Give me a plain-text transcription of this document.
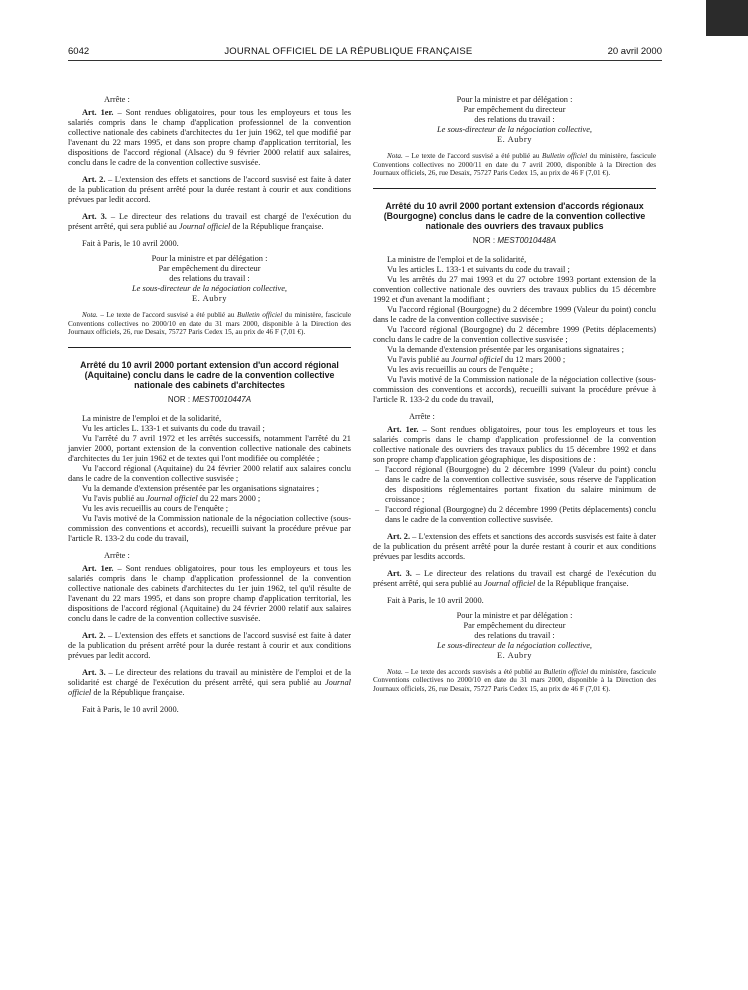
6042	JOURNAL OFFICIEL DE LA RÉPUBLIQUE FRANÇAISE	20 avril 2000

Arrête :

Art. 1er. – Sont rendues obligatoires, pour tous les employeurs et tous les salariés compris dans le champ d'application professionnel de la convention collective nationale des cabinets d'architectes du 1er juin 1962, tel que modifié par l'avenant du 22 mars 1995, et dans son propre champ d'application territorial, les dispositions de l'accord régional (Alsace) du 9 février 2000 relatif aux salaires, conclu dans le cadre de la convention collective susvisée.

Art. 2. – L'extension des effets et sanctions de l'accord susvisé est faite à dater de la publication du présent arrêté pour la durée restant à courir et aux conditions prévues par ledit accord.

Art. 3. – Le directeur des relations du travail est chargé de l'exécution du présent arrêté, qui sera publié au Journal officiel de la République française.

Fait à Paris, le 10 avril 2000.

Pour la ministre et par délégation :
Par empêchement du directeur
des relations du travail :
Le sous-directeur de la négociation collective,
E. Aubry

Nota. – Le texte de l'accord susvisé a été publié au Bulletin officiel du ministère, fascicule Conventions collectives no 2000/10 en date du 31 mars 2000, disponible à la Direction des Journaux officiels, 26, rue Desaix, 75727 Paris Cedex 15, au prix de 46 F (7,01 €).

Arrêté du 10 avril 2000 portant extension d'un accord régional (Aquitaine) conclu dans le cadre de la convention collective nationale des cabinets d'architectes
NOR : MEST0010447A

La ministre de l'emploi et de la solidarité,

Vu les articles L. 133-1 et suivants du code du travail ;

Vu l'arrêté du 7 avril 1972 et les arrêtés successifs, notamment l'arrêté du 21 janvier 2000, portant extension de la convention collective nationale des cabinets d'architectes du 1er juin 1962 et de textes qui l'ont modifiée ou complétée ;

Vu l'accord régional (Aquitaine) du 24 février 2000 relatif aux salaires conclu dans le cadre de la convention collective susvisée ;

Vu la demande d'extension présentée par les organisations signataires ;

Vu l'avis publié au Journal officiel du 22 mars 2000 ;

Vu les avis recueillis au cours de l'enquête ;

Vu l'avis motivé de la Commission nationale de la négociation collective (sous-commission des conventions et accords), recueilli suivant la procédure prévue par l'article R. 133-2 du code du travail,

Arrête :

Art. 1er. – Sont rendues obligatoires, pour tous les employeurs et tous les salariés compris dans le champ d'application professionnel de la convention collective nationale des cabinets d'architectes du 1er juin 1962, tel qu'il résulte de l'avenant du 22 mars 1995, et dans son propre champ d'application territorial, les dispositions de l'accord régional (Aquitaine) du 24 février 2000 relatif aux salaires conclu dans le cadre de la convention collective susvisée.

Art. 2. – L'extension des effets et sanctions de l'accord susvisé est faite à dater de la publication du présent arrêté pour la durée restant à courir et aux conditions prévues par ledit accord.

Art. 3. – Le directeur des relations du travail au ministère de l'emploi et de la solidarité est chargé de l'exécution du présent arrêté, qui sera publié au Journal officiel de la République française.

Fait à Paris, le 10 avril 2000.

Pour la ministre et par délégation :
Par empêchement du directeur
des relations du travail :
Le sous-directeur de la négociation collective,
E. Aubry

Nota. – Le texte de l'accord susvisé a été publié au Bulletin officiel du ministère, fascicule Conventions collectives no 2000/11 en date du 7 avril 2000, disponible à la Direction des Journaux officiels, 26, rue Desaix, 75727 Paris Cedex 15, au prix de 46 F (7,01 €).

Arrêté du 10 avril 2000 portant extension d'accords régionaux (Bourgogne) conclus dans le cadre de la convention collective nationale des ouvriers des travaux publics
NOR : MEST0010448A

La ministre de l'emploi et de la solidarité,

Vu les articles L. 133-1 et suivants du code du travail ;

Vu les arrêtés du 27 mai 1993 et du 27 octobre 1993 portant extension de la convention collective nationale des ouvriers des travaux publics du 15 décembre 1992 et d'un avenant la modifiant ;

Vu l'accord régional (Bourgogne) du 2 décembre 1999 (Valeur du point) conclu dans le cadre de la convention collective susvisée ;

Vu l'accord régional (Bourgogne) du 2 décembre 1999 (Petits déplacements) conclu dans le cadre de la convention collective susvisée ;

Vu la demande d'extension présentée par les organisations signataires ;

Vu l'avis publié au Journal officiel du 12 mars 2000 ;

Vu les avis recueillis au cours de l'enquête ;

Vu l'avis motivé de la Commission nationale de la négociation collective (sous-commission des conventions et accords), recueilli suivant la procédure prévue à l'article R. 133-2 du code du travail,

Arrête :

Art. 1er. – Sont rendues obligatoires, pour tous les employeurs et tous les salariés compris dans le champ d'application professionnel de la convention collective nationale des ouvriers des travaux publics du 15 décembre 1992 et dans son propre champ d'application géographique, les dispositions de :

– l'accord régional (Bourgogne) du 2 décembre 1999 (Valeur du point) conclu dans le cadre de la convention collective susvisée, sous réserve de l'application des dispositions réglementaires portant fixation du salaire minimum de croissance ;
– l'accord régional (Bourgogne) du 2 décembre 1999 (Petits déplacements) conclu dans le cadre de la convention collective susvisée.

Art. 2. – L'extension des effets et sanctions des accords susvisés est faite à dater de la publication du présent arrêté pour la durée restant à courir et aux conditions prévues par lesdits accords.

Art. 3. – Le directeur des relations du travail est chargé de l'exécution du présent arrêté, qui sera publié au Journal officiel de la République française.

Fait à Paris, le 10 avril 2000.

Pour la ministre et par délégation :
Par empêchement du directeur
des relations du travail :
Le sous-directeur de la négociation collective,
E. Aubry

Nota. – Le texte des accords susvisés a été publié au Bulletin officiel du ministère, fascicule Conventions collectives no 2000/10 en date du 31 mars 2000, disponible à la Direction des Journaux officiels, 26, rue Desaix, 75727 Paris Cedex 15, au prix de 46 F (7,01 €).
